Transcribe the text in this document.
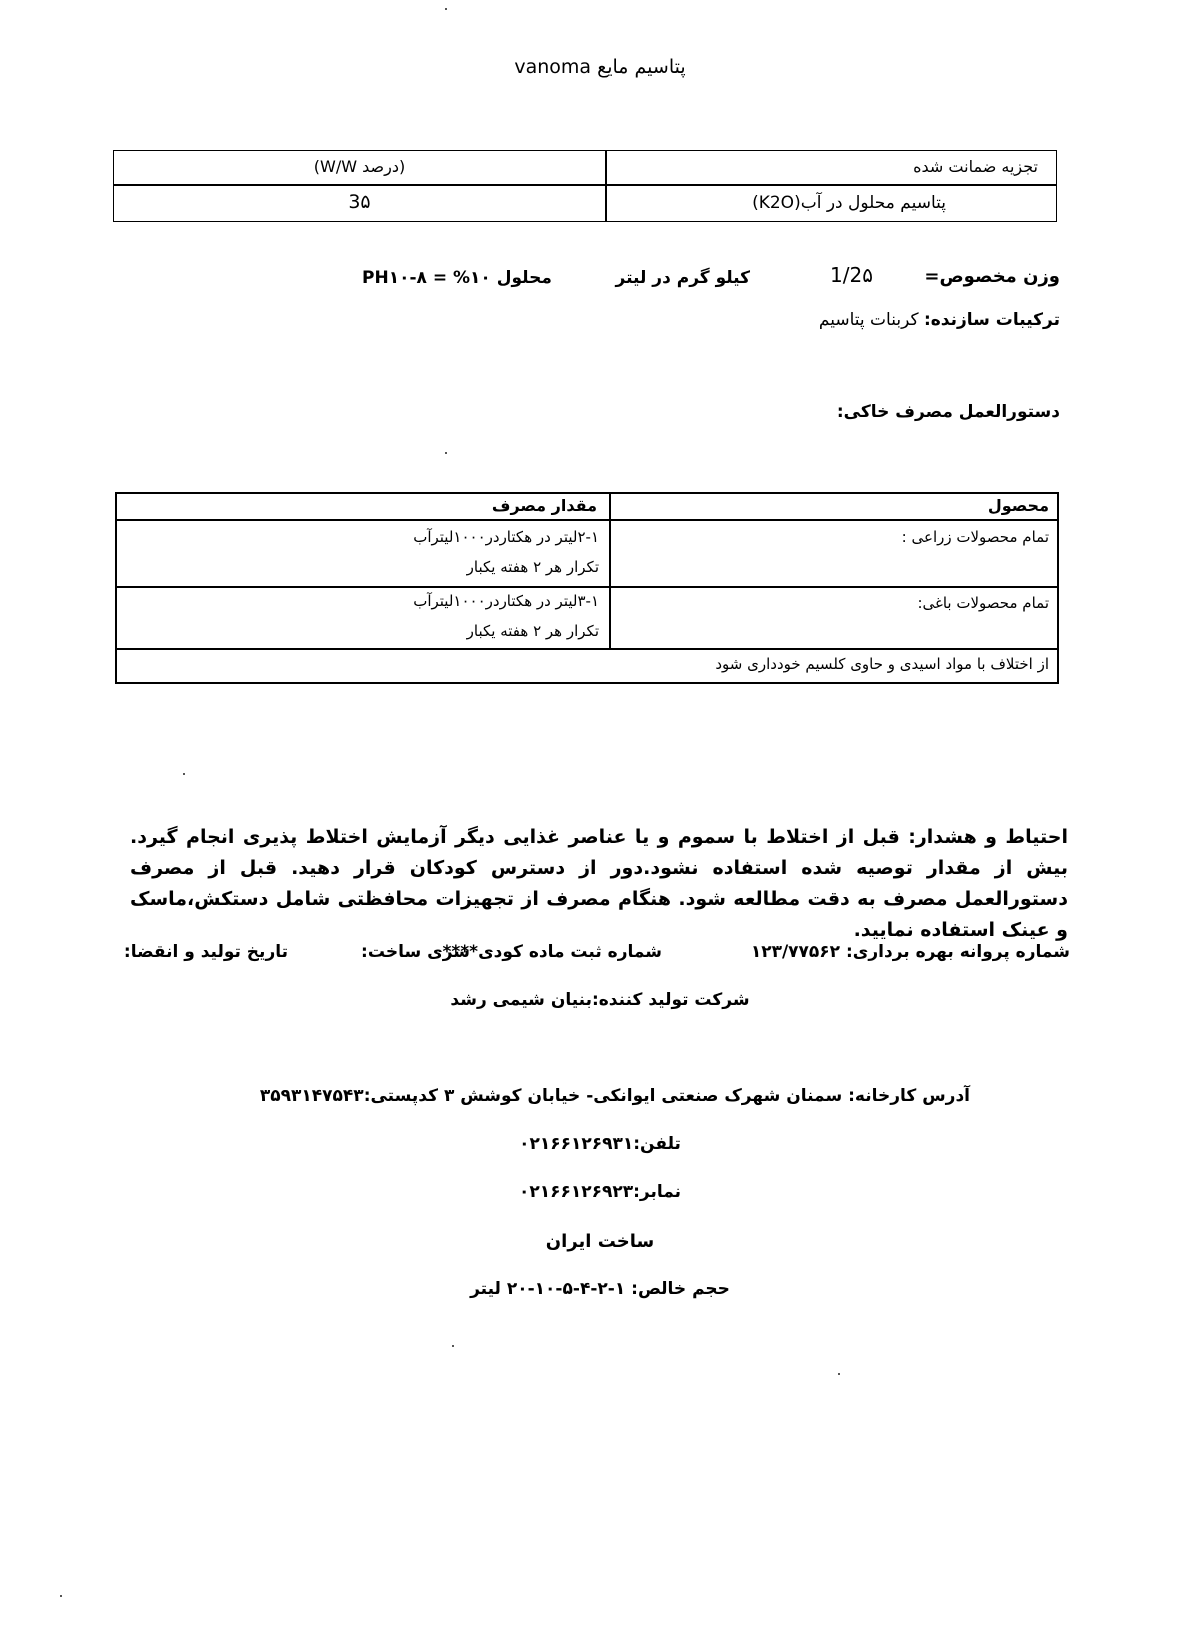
پتاسیم مایع vanoma
تجزیه ضمانت شده
(درصد W/W)
پتاسیم محلول در آب(K2O)
3۵
وزن مخصوص=
1/2۵
کیلو گرم در لیتر
PHمحلول ۱۰% = ۸-۱۰
ترکیبات سازنده: کربنات پتاسیم
دستورالعمل مصرف خاکی:
محصول
مقدار مصرف
تمام محصولات زراعی :
۲-۱لیتر در هکتاردر۱۰۰۰لیترآب
تکرار هر ۲ هفته یکبار
تمام محصولات باغی:
۳-۱لیتر در هکتاردر۱۰۰۰لیترآب
تکرار هر ۲ هفته یکبار
از اختلاف با مواد اسیدی و حاوی کلسیم خودداری شود
احتیاط و هشدار: قبل از اختلاط با سموم و یا عناصر غذایی دیگر آزمایش اختلاط پذیری انجام گیرد. بیش از مقدار توصیه شده استفاده نشود.دور از دسترس کودکان قرار دهید. قبل از مصرف دستورالعمل مصرف به دقت مطالعه شود. هنگام مصرف از تجهیزات محافظتی شامل دستکش،ماسک و عینک استفاده نمایید.
شماره پروانه بهره برداری: ۱۲۳/۷۷۵۶۲
شماره ثبت ماده کودی****
سری ساخت:
تاریخ تولید و انقضا:
شرکت تولید کننده:بنیان شیمی رشد
آدرس کارخانه: سمنان شهرک صنعتی ایوانکی- خیابان کوشش ۳ کدپستی:۳۵۹۳۱۴۷۵۴۳
تلفن:۰۲۱۶۶۱۲۶۹۳۱
نمابر:۰۲۱۶۶۱۲۶۹۲۳
ساخت ایران
حجم خالص: ۱-۲-۴-۵-۱۰-۲۰ لیتر
